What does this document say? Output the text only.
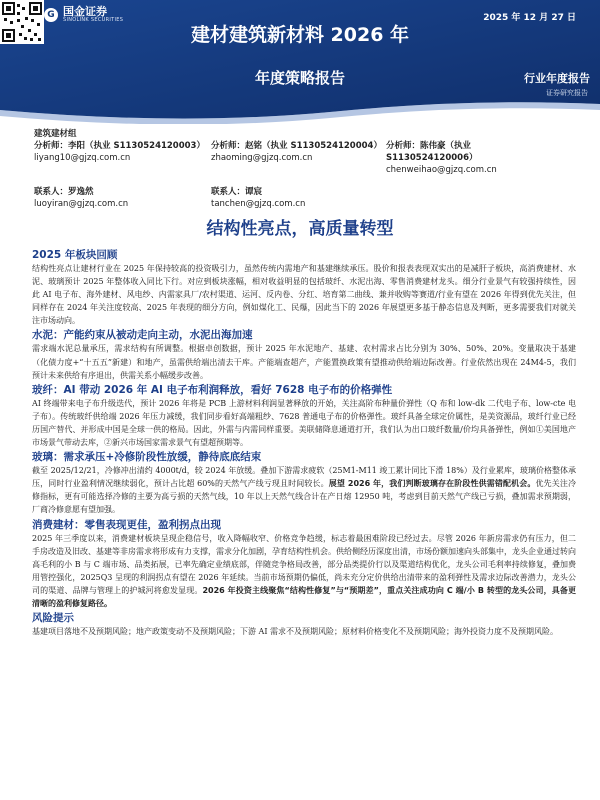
G 国金证券
SINOLINK SECURITIES
建材建筑新材料 2026 年
年度策略报告
2025 年 12 月 27 日
行业年度报告
证券研究报告
建筑建材组
分析师：李阳（执业 S1130524120003）
liyang10@gjzq.com.cn
分析师：赵铭（执业 S1130524120004）
zhaoming@gjzq.com.cn
分析师：陈伟豪（执业 S1130524120006）
chenweihao@gjzq.com.cn
联系人：罗逸然
luoyiran@gjzq.com.cn
联系人：谭宸
tanchen@gjzq.com.cn
结构性亮点，高质量转型
2025 年板块回顾

结构性亮点让建材行业在 2025 年保持较高的投资吸引力，虽然传统内需地产和基建继续承压。股价和报表表现双实出的是减肝子板块，高消费建材、水泥、玻璃预计 2025 年整体收入同比下行。对应到板块涨幅，相对收益明显的包括玻纤、水泥出海、零售消费建材龙头。细分行业景气有较强持续性，因此 AI 电子布、海外建材、风电纱、内需家具厂/农村渠道、运河、反内卷、分红、培育第二曲线、兼并收购等赛道/行业有望在 2026 年得到优先关注，但同样存在 2024 年关注度较高、2025 年表现的细分方向，例如煤化工、民爆，因此当下的 2026 年展望更多基于静态信息及判断，更多需要我们对就关注市场动向。

水泥：产能约束从被动走向主动，水泥出海加速

需求端水泥总量承压，需求结构有所调整。根据卓创数据，预计 2025 年水泥地产、基建、农村需求占比分别为 30%、50%、20%。变量取决于基建（化债力度+“十五五”新建）和地产，虽需供给端出清去干库。产能端查超产，产能置换政策有望推动供给端边际改善。行业依然出现在 24M4-5，我们预计未来供给有序退出，供需关系小幅缓步改善。

玻纤：AI 带动 2026 年 AI 电子布利润释放，看好 7628 电子布的价格弹性

AI 终端带来电子布升级迭代，预计 2026 年将是 PCB 上游材料利润显著释放的开始，关注高阶布种量价弹性（Q 布和 low-dk 二代电子布、low-cte 电子布）。传统玻纤供给端 2026 年压力减缓，我们同步看好高端粗纱、7628 普通电子布的价格弹性。玻纤具备全球定价属性，是美资源品，玻纤行业已经历国产替代、并形成中国是全球一供的格局。因此，外需与内需同样重要。美联储降息通道打开，我们认为出口玻纤数量/价均具备弹性，例如①美国地产市场景气带动去库，②新兴市场国家需求景气有望超预期等。

玻璃：需求承压+冷修阶段性放缓，静待底底结束

截至 2025/12/21，冷修冲出清约 4000t/d，较 2024 年放缓。叠加下游需求疲软（25M1-M11 竣工累计同比下滑 18%）及行业累库，玻璃价格整体承压，同时行业盈利情况继续弱化，预计占比超 60%的天然气产线亏现且时间较长。展望 2026 年，我们判断玻璃存在阶段性供需错配机会。优先关注冷修指标，更有可能选择冷修的主要为高亏损的天然气线，10 年以上天然气线合计在产日熔 12950 吨，考虑到目前天然气产线已亏损，叠加需求预期弱，厂商冷修意愿有望加强。

消费建材：零售表现更佳，盈利拐点出现

2025 年三季度以来，消费建材板块呈现企稳信号，收入降幅收窄、价格竞争趋缓，标志着最困难阶段已经过去。尽管 2026 年新房需求仍有压力，但二手房改造及旧改、基建等非房需求将形成有力支撑，需求分化加剧，孕育结构性机会。供给侧经历深度出清，市场份额加速向头部集中，龙头企业通过转向高毛利的小 B 与 C 端市场、品类拓展，已率先确定业绩底部，伴随竞争格局改善，部分品类提价行以及渠道结构优化，龙头公司毛利率持续修复，叠加费用管控强化，2025Q3 呈现的利润拐点有望在 2026 年延续。当前市场预期仍偏低，尚未充分定价供给出清带来的盈利弹性及需求边际改善潜力，龙头公司的渠道、品牌与管理上的护城河将愈发显现。2026 年投资主线聚焦“结构性修复”与“预期差”，重点关注成功向 C 端/小 B 转型的龙头公司，具备更清晰的盈利修复路径。

风险提示

基建项目落地不及预期风险；地产政策变动不及预期风险；下游 AI 需求不及预期风险；原材料价格变化不及预期风险；海外投资力度不及预期风险。
